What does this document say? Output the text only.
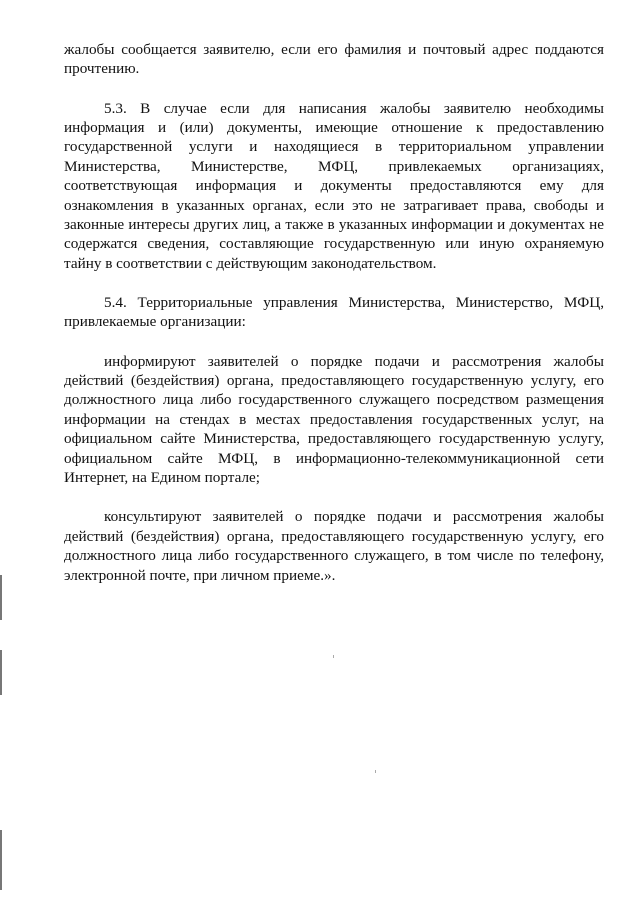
жалобы сообщается заявителю, если его фамилия и почтовый адрес поддаются прочтению.

5.3. В случае если для написания жалобы заявителю необходимы информация и (или) документы, имеющие отношение к предоставлению государственной услуги и находящиеся в территориальном управлении Министерства, Министерстве, МФЦ, привлекаемых организациях, соответствующая информация и документы предоставляются ему для ознакомления в указанных органах, если это не затрагивает права, свободы и законные интересы других лиц, а также в указанных информации и документах не содержатся сведения, составляющие государственную или иную охраняемую тайну в соответствии с действующим законодательством.

5.4. Территориальные управления Министерства, Министерство, МФЦ, привлекаемые организации:

информируют заявителей о порядке подачи и рассмотрения жалобы действий (бездействия) органа, предоставляющего государственную услугу, его должностного лица либо государственного служащего посредством размещения информации на стендах в местах предоставления государственных услуг, на официальном сайте Министерства, предоставляющего государственную услугу, официальном сайте МФЦ, в информационно-телекоммуникационной сети Интернет, на Едином портале;

консультируют заявителей о порядке подачи и рассмотрения жалобы действий (бездействия) органа, предоставляющего государственную услугу, его должностного лица либо государственного служащего, в том числе по телефону, электронной почте, при личном приеме.».
